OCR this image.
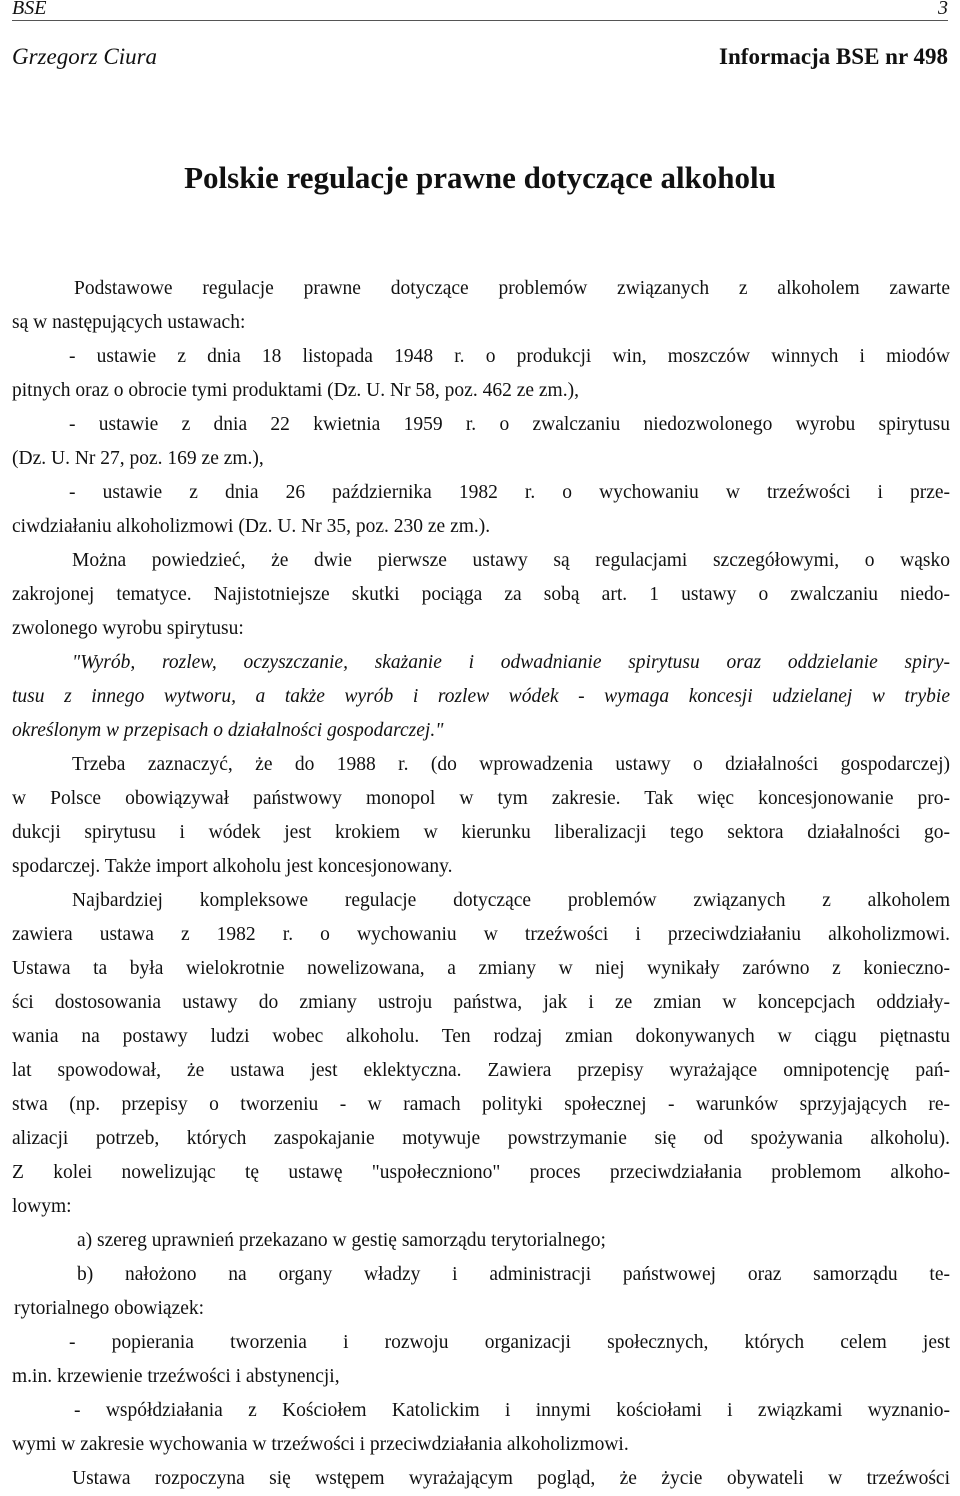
BSE	3
Grzegorz Ciura	Informacja BSE nr 498
Polskie regulacje prawne dotyczące alkoholu
Podstawowe regulacje prawne dotyczące problemów związanych z alkoholem zawarte
są w następujących ustawach:
- ustawie z dnia 18 listopada 1948 r. o produkcji win, moszczów winnych i miodów
pitnych oraz o obrocie tymi produktami (Dz. U. Nr 58, poz. 462 ze zm.),
- ustawie z dnia 22 kwietnia 1959 r. o zwalczaniu niedozwolonego wyrobu spirytusu
(Dz. U. Nr 27, poz. 169 ze zm.),
- ustawie z dnia 26 października 1982 r. o wychowaniu w trzeźwości i prze-
ciwdziałaniu alkoholizmowi (Dz. U. Nr 35, poz. 230 ze zm.).
Można powiedzieć, że dwie pierwsze ustawy są regulacjami szczegółowymi, o wąsko
zakrojonej tematyce. Najistotniejsze skutki pociąga za sobą art. 1 ustawy o zwalczaniu niedo-
zwolonego wyrobu spirytusu:
"Wyrób, rozlew, oczyszczanie, skażanie i odwadnianie spirytusu oraz oddzielanie spiry-
tusu z innego wytworu, a także wyrób i rozlew wódek - wymaga koncesji udzielanej w trybie
określonym w przepisach o działalności gospodarczej."
Trzeba zaznaczyć, że do 1988 r. (do wprowadzenia ustawy o działalności gospodarczej)
w Polsce obowiązywał państwowy monopol w tym zakresie. Tak więc koncesjonowanie pro-
dukcji spirytusu i wódek jest krokiem w kierunku liberalizacji tego sektora działalności go-
spodarczej. Także import alkoholu jest koncesjonowany.
Najbardziej kompleksowe regulacje dotyczące problemów związanych z alkoholem
zawiera ustawa z 1982 r. o wychowaniu w trzeźwości i przeciwdziałaniu alkoholizmowi.
Ustawa ta była wielokrotnie nowelizowana, a zmiany w niej wynikały zarówno z konieczno-
ści dostosowania ustawy do zmiany ustroju państwa, jak i ze zmian w koncepcjach oddziały-
wania na postawy ludzi wobec alkoholu. Ten rodzaj zmian dokonywanych w ciągu piętnastu
lat spowodował, że ustawa jest eklektyczna. Zawiera przepisy wyrażające omnipotencję pań-
stwa (np. przepisy o tworzeniu - w ramach polityki społecznej - warunków sprzyjających re-
alizacji potrzeb, których zaspokajanie motywuje powstrzymanie się od spożywania alkoholu).
Z kolei nowelizując tę ustawę "uspołeczniono" proces przeciwdziałania problemom alkoho-
lowym:
a) szereg uprawnień przekazano w gestię samorządu terytorialnego;
b) nałożono na organy władzy i administracji państwowej oraz samorządu te-
rytorialnego obowiązek:
- popierania tworzenia i rozwoju organizacji społecznych, których celem jest
m.in. krzewienie trzeźwości i abstynencji,
- współdziałania z Kościołem Katolickim i innymi kościołami i związkami wyznanio-
wymi w zakresie wychowania w trzeźwości i przeciwdziałania alkoholizmowi.
Ustawa rozpoczyna się wstępem wyrażającym pogląd, że życie obywateli w trzeźwości
